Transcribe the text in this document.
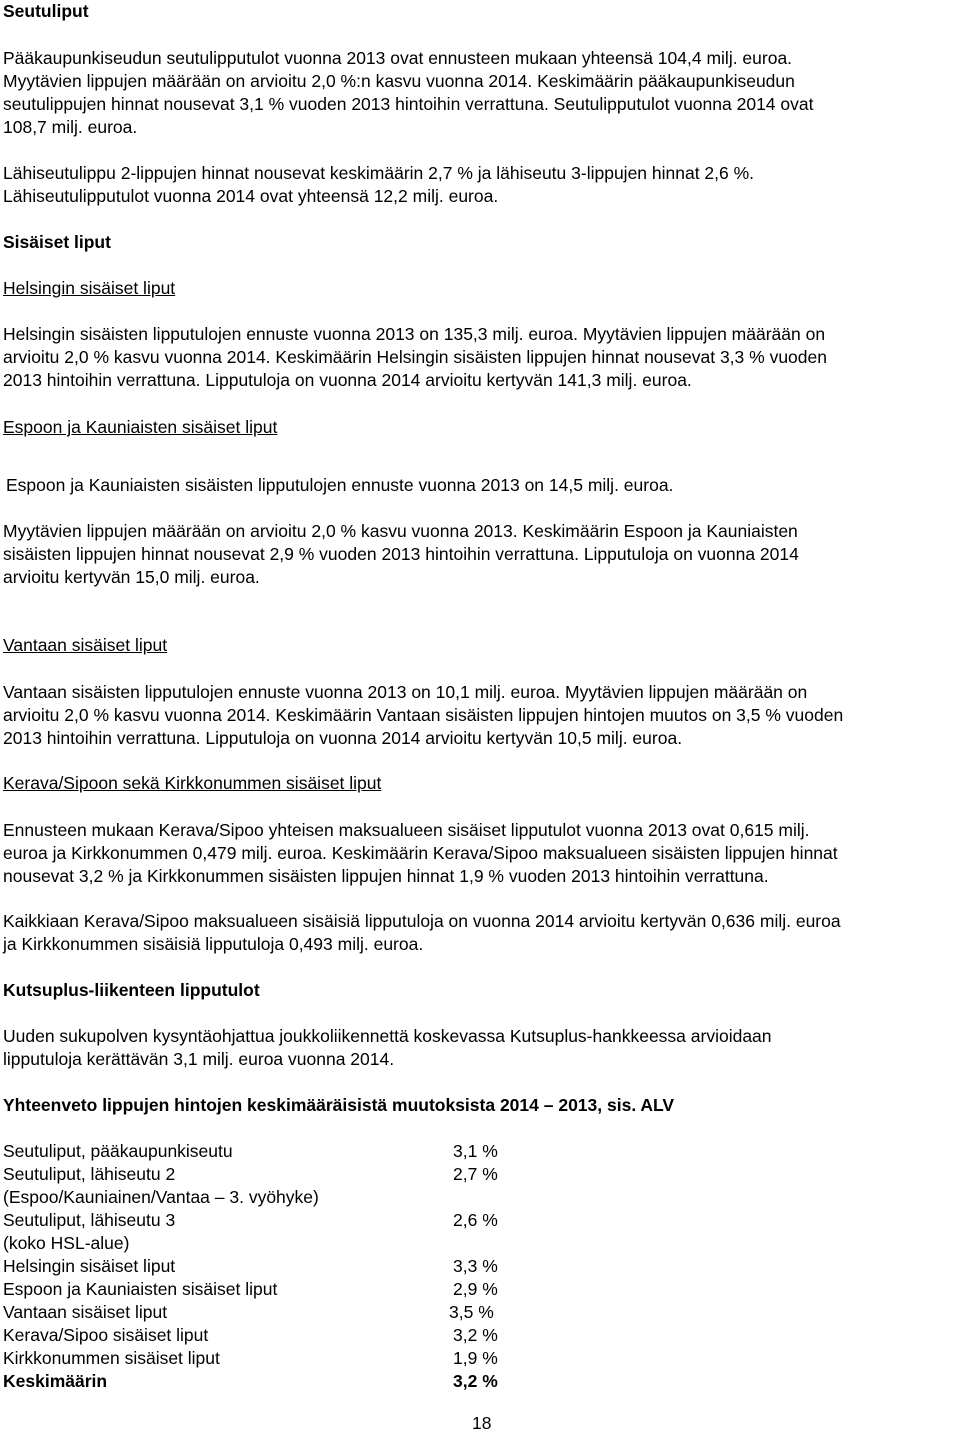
Seutuliput
Pääkaupunkiseudun seutulipputulot vuonna 2013 ovat ennusteen mukaan yhteensä 104,4 milj. euroa.
Myytävien lippujen määrään on arvioitu 2,0 %:n kasvu vuonna 2014. Keskimäärin pääkaupunkiseudun
seutulippujen hinnat nousevat 3,1 % vuoden 2013 hintoihin verrattuna. Seutulipputulot vuonna 2014 ovat
108,7 milj. euroa.
Lähiseutulippu 2-lippujen hinnat nousevat keskimäärin 2,7 % ja lähiseutu 3-lippujen hinnat 2,6 %.
Lähiseutulipputulot vuonna 2014 ovat yhteensä 12,2 milj. euroa.
Sisäiset liput
Helsingin sisäiset liput
Helsingin sisäisten lipputulojen ennuste vuonna 2013 on 135,3 milj. euroa. Myytävien lippujen määrään on
arvioitu 2,0 % kasvu vuonna 2014. Keskimäärin Helsingin sisäisten lippujen hinnat nousevat 3,3 % vuoden
2013 hintoihin verrattuna. Lipputuloja on vuonna 2014 arvioitu kertyvän 141,3 milj. euroa.
Espoon ja Kauniaisten sisäiset liput
Espoon ja Kauniaisten sisäisten lipputulojen ennuste vuonna 2013 on 14,5 milj. euroa.
Myytävien lippujen määrään on arvioitu 2,0 % kasvu vuonna 2013. Keskimäärin Espoon ja Kauniaisten
sisäisten lippujen hinnat nousevat 2,9 % vuoden 2013 hintoihin verrattuna. Lipputuloja on vuonna 2014
arvioitu kertyvän 15,0 milj. euroa.
Vantaan sisäiset liput
Vantaan sisäisten lipputulojen ennuste vuonna 2013 on 10,1 milj. euroa. Myytävien lippujen määrään on
arvioitu 2,0 % kasvu vuonna 2014. Keskimäärin Vantaan sisäisten lippujen hintojen muutos on 3,5 % vuoden
2013 hintoihin verrattuna. Lipputuloja on vuonna 2014 arvioitu kertyvän 10,5 milj. euroa.
Kerava/Sipoon sekä Kirkkonummen sisäiset liput
Ennusteen mukaan Kerava/Sipoo yhteisen maksualueen sisäiset lipputulot vuonna 2013 ovat 0,615 milj.
euroa ja Kirkkonummen 0,479 milj. euroa. Keskimäärin Kerava/Sipoo maksualueen sisäisten lippujen hinnat
nousevat 3,2 % ja Kirkkonummen sisäisten lippujen hinnat 1,9 % vuoden 2013 hintoihin verrattuna.
Kaikkiaan Kerava/Sipoo maksualueen sisäisiä lipputuloja on vuonna 2014 arvioitu kertyvän 0,636 milj. euroa
ja Kirkkonummen sisäisiä lipputuloja 0,493 milj. euroa.
Kutsuplus-liikenteen lipputulot
Uuden sukupolven kysyntäohjattua joukkoliikennettä koskevassa Kutsuplus-hankkeessa arvioidaan
lipputuloja kerättävän 3,1 milj. euroa vuonna 2014.
Yhteenveto lippujen hintojen keskimääräisistä muutoksista 2014 – 2013, sis. ALV
Seutuliput, pääkaupunkiseutu	3,1 %
Seutuliput, lähiseutu 2	2,7 %
(Espoo/Kauniainen/Vantaa – 3. vyöhyke)
Seutuliput, lähiseutu 3	2,6 %
(koko HSL-alue)
Helsingin sisäiset liput	3,3 %
Espoon ja Kauniaisten sisäiset liput	2,9 %
Vantaan sisäiset liput	3,5 %
Kerava/Sipoo sisäiset liput	3,2 %
Kirkkonummen sisäiset liput	1,9 %
Keskimäärin	3,2 %
18
